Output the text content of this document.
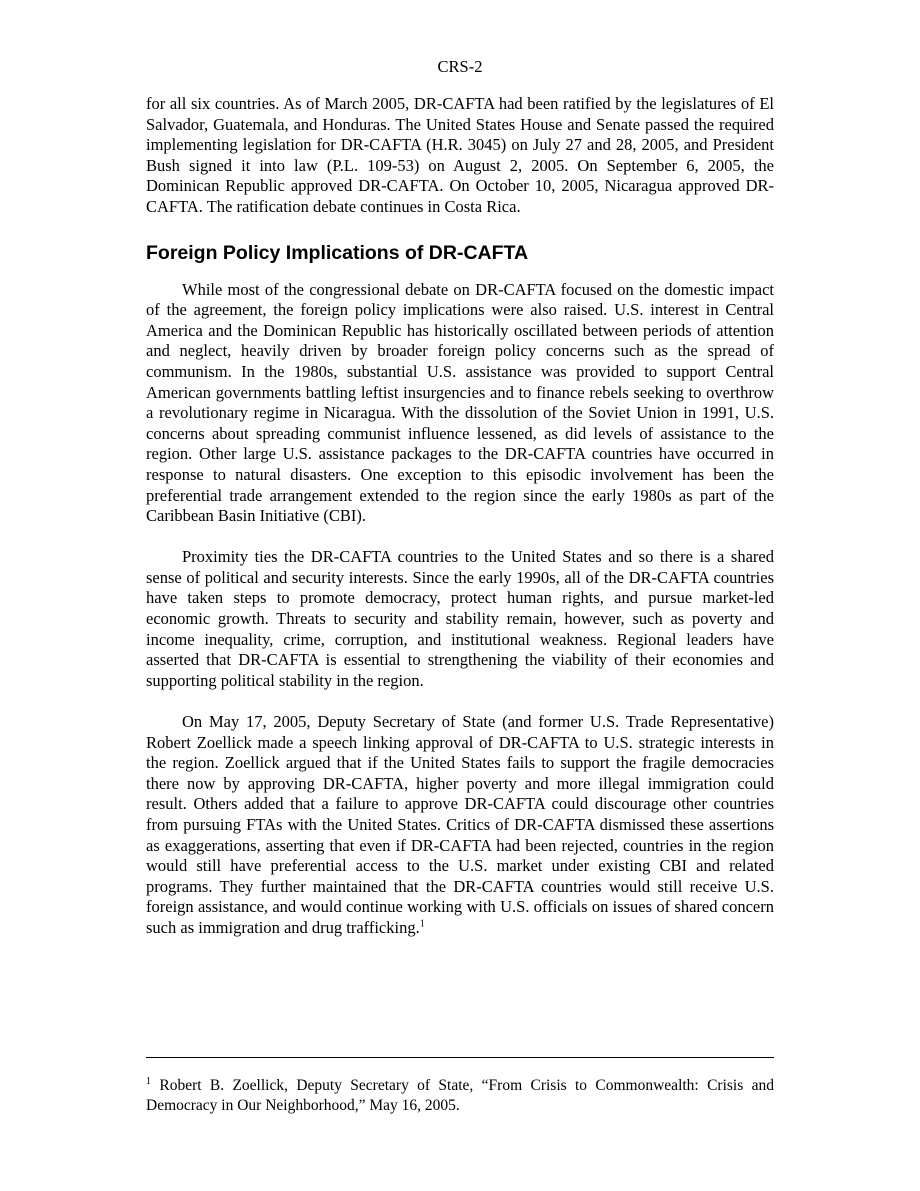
CRS-2

for all six countries. As of March 2005, DR-CAFTA had been ratified by the legislatures of El Salvador, Guatemala, and Honduras. The United States House and Senate passed the required implementing legislation for DR-CAFTA (H.R. 3045) on July 27 and 28, 2005, and President Bush signed it into law (P.L. 109-53) on August 2, 2005. On September 6, 2005, the Dominican Republic approved DR-CAFTA. On October 10, 2005, Nicaragua approved DR-CAFTA. The ratification debate continues in Costa Rica.

Foreign Policy Implications of DR-CAFTA

While most of the congressional debate on DR-CAFTA focused on the domestic impact of the agreement, the foreign policy implications were also raised. U.S. interest in Central America and the Dominican Republic has historically oscillated between periods of attention and neglect, heavily driven by broader foreign policy concerns such as the spread of communism. In the 1980s, substantial U.S. assistance was provided to support Central American governments battling leftist insurgencies and to finance rebels seeking to overthrow a revolutionary regime in Nicaragua. With the dissolution of the Soviet Union in 1991, U.S. concerns about spreading communist influence lessened, as did levels of assistance to the region. Other large U.S. assistance packages to the DR-CAFTA countries have occurred in response to natural disasters. One exception to this episodic involvement has been the preferential trade arrangement extended to the region since the early 1980s as part of the Caribbean Basin Initiative (CBI).

Proximity ties the DR-CAFTA countries to the United States and so there is a shared sense of political and security interests. Since the early 1990s, all of the DR-CAFTA countries have taken steps to promote democracy, protect human rights, and pursue market-led economic growth. Threats to security and stability remain, however, such as poverty and income inequality, crime, corruption, and institutional weakness. Regional leaders have asserted that DR-CAFTA is essential to strengthening the viability of their economies and supporting political stability in the region.

On May 17, 2005, Deputy Secretary of State (and former U.S. Trade Representative) Robert Zoellick made a speech linking approval of DR-CAFTA to U.S. strategic interests in the region. Zoellick argued that if the United States fails to support the fragile democracies there now by approving DR-CAFTA, higher poverty and more illegal immigration could result. Others added that a failure to approve DR-CAFTA could discourage other countries from pursuing FTAs with the United States. Critics of DR-CAFTA dismissed these assertions as exaggerations, asserting that even if DR-CAFTA had been rejected, countries in the region would still have preferential access to the U.S. market under existing CBI and related programs. They further maintained that the DR-CAFTA countries would still receive U.S. foreign assistance, and would continue working with U.S. officials on issues of shared concern such as immigration and drug trafficking.$^1$

$^1$ Robert B. Zoellick, Deputy Secretary of State, “From Crisis to Commonwealth: Crisis and Democracy in Our Neighborhood,” May 16, 2005.
